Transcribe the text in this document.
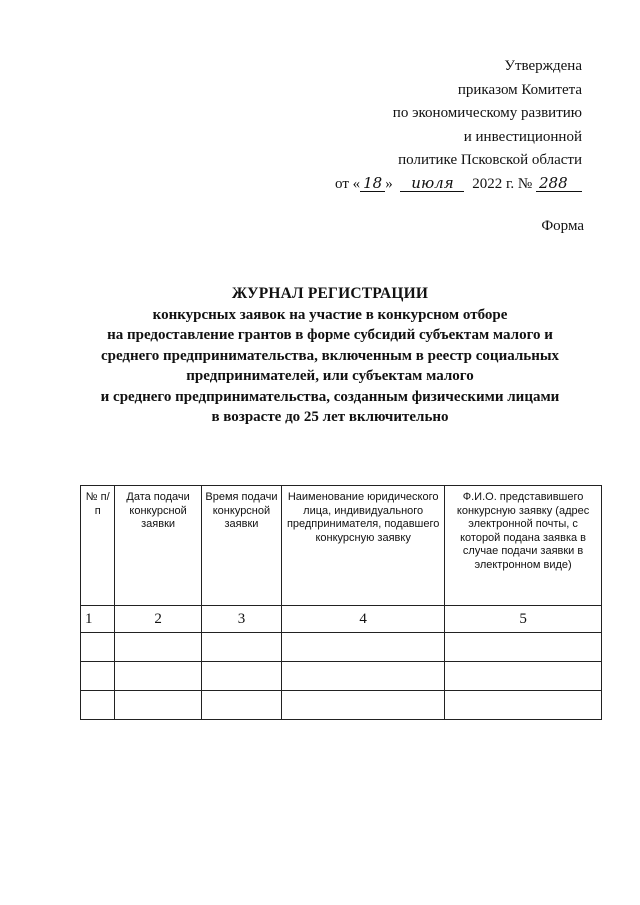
Утверждена
приказом Комитета
по экономическому развитию
и инвестиционной
политике Псковской области
от « 18 » июля 2022 г. № 288
Форма
ЖУРНАЛ РЕГИСТРАЦИИ
конкурсных заявок на участие в конкурсном отборе
на предоставление грантов в форме субсидий субъектам малого и
среднего предпринимательства, включенным в реестр социальных
предпринимателей, или субъектам малого
и среднего предпринимательства, созданным физическими лицами
в возрасте до 25 лет включительно
№ п/п	Дата подачи конкурсной заявки	Время подачи конкурсной заявки	Наименование юридического лица, индивидуального предпринимателя, подавшего конкурсную заявку	Ф.И.О. представившего конкурсную заявку (адрес электронной почты, с которой подана заявка в случае подачи заявки в электронном виде)
1	2	3	4	5
